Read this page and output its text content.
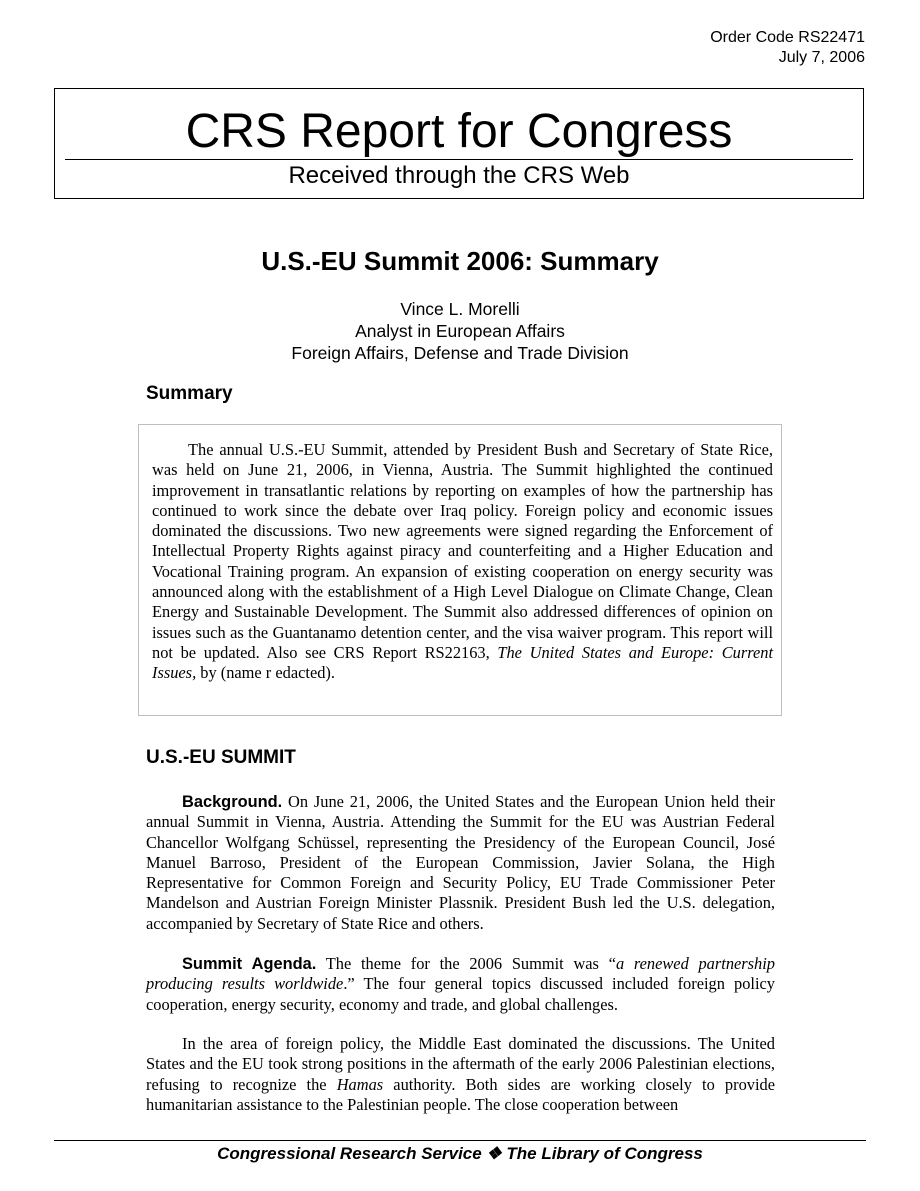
Order Code RS22471
July 7, 2006
CRS Report for Congress
Received through the CRS Web
U.S.-EU Summit 2006: Summary
Vince L. Morelli
Analyst in European Affairs
Foreign Affairs, Defense and Trade Division
Summary

The annual U.S.-EU Summit, attended by President Bush and Secretary of State Rice, was held on June 21, 2006, in Vienna, Austria. The Summit highlighted the continued improvement in transatlantic relations by reporting on examples of how the partnership has continued to work since the debate over Iraq policy. Foreign policy and economic issues dominated the discussions. Two new agreements were signed regarding the Enforcement of Intellectual Property Rights against piracy and counterfeiting and a Higher Education and Vocational Training program. An expansion of existing cooperation on energy security was announced along with the establishment of a High Level Dialogue on Climate Change, Clean Energy and Sustainable Development. The Summit also addressed differences of opinion on issues such as the Guantanamo detention center, and the visa waiver program. This report will not be updated. Also see CRS Report RS22163, The United States and Europe: Current Issues, by (name r edacted).

U.S.-EU SUMMIT

Background. On June 21, 2006, the United States and the European Union held their annual Summit in Vienna, Austria. Attending the Summit for the EU was Austrian Federal Chancellor Wolfgang Schüssel, representing the Presidency of the European Council, José Manuel Barroso, President of the European Commission, Javier Solana, the High Representative for Common Foreign and Security Policy, EU Trade Commissioner Peter Mandelson and Austrian Foreign Minister Plassnik. President Bush led the U.S. delegation, accompanied by Secretary of State Rice and others.

Summit Agenda. The theme for the 2006 Summit was “a renewed partnership producing results worldwide.” The four general topics discussed included foreign policy cooperation, energy security, economy and trade, and global challenges.

In the area of foreign policy, the Middle East dominated the discussions. The United States and the EU took strong positions in the aftermath of the early 2006 Palestinian elections, refusing to recognize the Hamas authority. Both sides are working closely to provide humanitarian assistance to the Palestinian people. The close cooperation between

Congressional Research Service ❖ The Library of Congress
